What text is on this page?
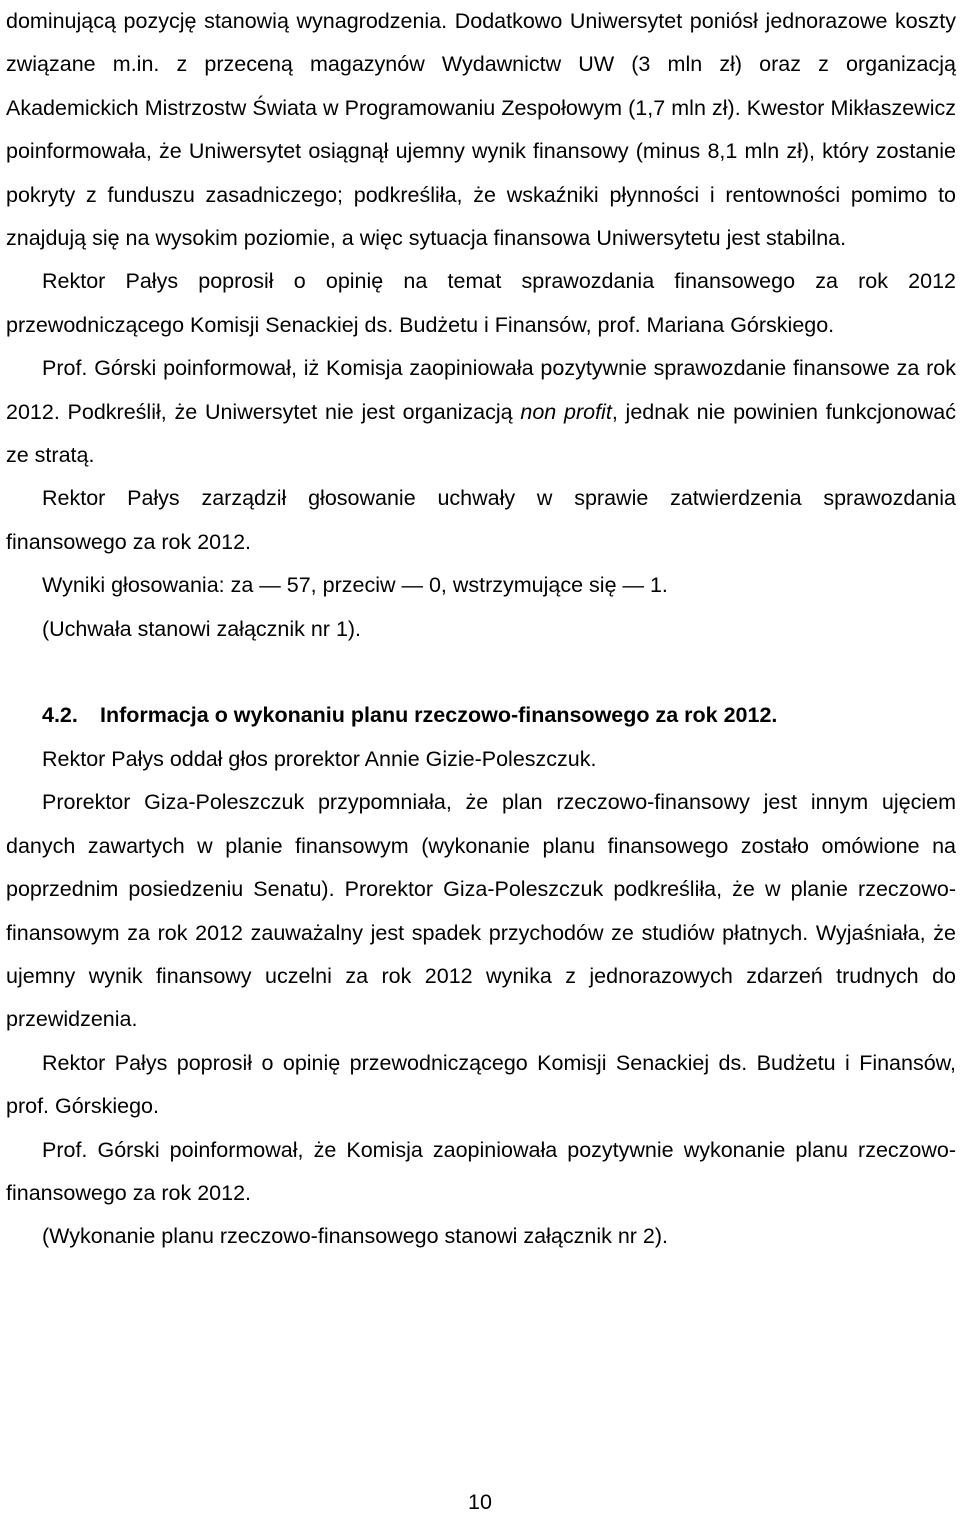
dominującą pozycję stanowią wynagrodzenia. Dodatkowo Uniwersytet poniósł jednorazowe koszty związane m.in. z przeceną magazynów Wydawnictw UW (3 mln zł) oraz z organizacją Akademickich Mistrzostw Świata w Programowaniu Zespołowym (1,7 mln zł). Kwestor Mikłaszewicz poinformowała, że Uniwersytet osiągnął ujemny wynik finansowy (minus 8,1 mln zł), który zostanie pokryty z funduszu zasadniczego; podkreśliła, że wskaźniki płynności i rentowności pomimo to znajdują się na wysokim poziomie, a więc sytuacja finansowa Uniwersytetu jest stabilna.

Rektor Pałys poprosił o opinię na temat sprawozdania finansowego za rok 2012 przewodniczącego Komisji Senackiej ds. Budżetu i Finansów, prof. Mariana Górskiego.

Prof. Górski poinformował, iż Komisja zaopiniowała pozytywnie sprawozdanie finansowe za rok 2012. Podkreślił, że Uniwersytet nie jest organizacją non profit, jednak nie powinien funkcjonować ze stratą.

Rektor Pałys zarządził głosowanie uchwały w sprawie zatwierdzenia sprawozdania finansowego za rok 2012.

Wyniki głosowania: za — 57, przeciw — 0, wstrzymujące się — 1.

(Uchwała stanowi załącznik nr 1).

4.2. Informacja o wykonaniu planu rzeczowo-finansowego za rok 2012.

Rektor Pałys oddał głos prorektor Annie Gizie-Poleszczuk.

Prorektor Giza-Poleszczuk przypomniała, że plan rzeczowo-finansowy jest innym ujęciem danych zawartych w planie finansowym (wykonanie planu finansowego zostało omówione na poprzednim posiedzeniu Senatu). Prorektor Giza-Poleszczuk podkreśliła, że w planie rzeczowo-finansowym za rok 2012 zauważalny jest spadek przychodów ze studiów płatnych. Wyjaśniała, że ujemny wynik finansowy uczelni za rok 2012 wynika z jednorazowych zdarzeń trudnych do przewidzenia.

Rektor Pałys poprosił o opinię przewodniczącego Komisji Senackiej ds. Budżetu i Finansów, prof. Górskiego.

Prof. Górski poinformował, że Komisja zaopiniowała pozytywnie wykonanie planu rzeczowo-finansowego za rok 2012.

(Wykonanie planu rzeczowo-finansowego stanowi załącznik nr 2).

10
